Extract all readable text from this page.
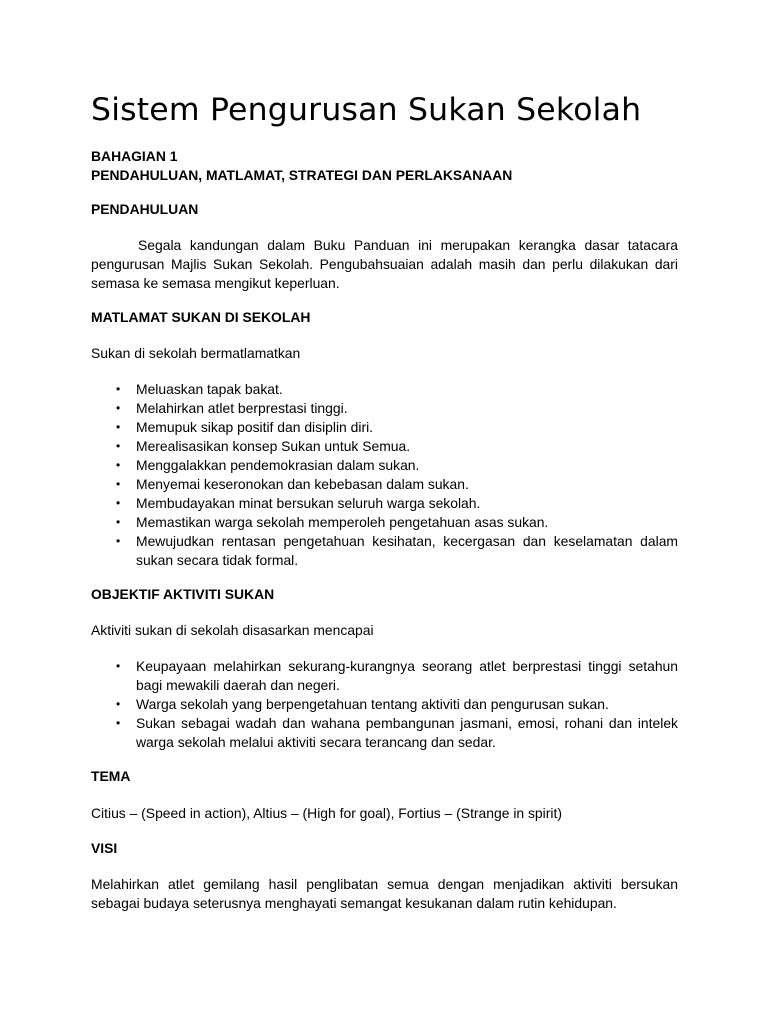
Sistem Pengurusan Sukan Sekolah

BAHAGIAN 1

PENDAHULUAN, MATLAMAT, STRATEGI DAN PERLAKSANAAN

PENDAHULUAN

Segala kandungan dalam Buku Panduan ini merupakan kerangka dasar tatacara pengurusan Majlis Sukan Sekolah. Pengubahsuaian adalah masih dan perlu dilakukan dari semasa ke semasa mengikut keperluan.

MATLAMAT SUKAN DI SEKOLAH

Sukan di sekolah bermatlamatkan

• Meluaskan tapak bakat.
• Melahirkan atlet berprestasi tinggi.
• Memupuk sikap positif dan disiplin diri.
• Merealisasikan konsep Sukan untuk Semua.
• Menggalakkan pendemokrasian dalam sukan.
• Menyemai keseronokan dan kebebasan dalam sukan.
• Membudayakan minat bersukan seluruh warga sekolah.
• Memastikan warga sekolah memperoleh pengetahuan asas sukan.
• Mewujudkan rentasan pengetahuan kesihatan, kecergasan dan keselamatan dalam sukan secara tidak formal.

OBJEKTIF AKTIVITI SUKAN

Aktiviti sukan di sekolah disasarkan mencapai

• Keupayaan melahirkan sekurang-kurangnya seorang atlet berprestasi tinggi setahun bagi mewakili daerah dan negeri.
• Warga sekolah yang berpengetahuan tentang aktiviti dan pengurusan sukan.
• Sukan sebagai wadah dan wahana pembangunan jasmani, emosi, rohani dan intelek warga sekolah melalui aktiviti secara terancang dan sedar.

TEMA

Citius – (Speed in action), Altius – (High for goal), Fortius – (Strange in spirit)

VISI

Melahirkan atlet gemilang hasil penglibatan semua dengan menjadikan aktiviti bersukan sebagai budaya seterusnya menghayati semangat kesukanan dalam rutin kehidupan.
